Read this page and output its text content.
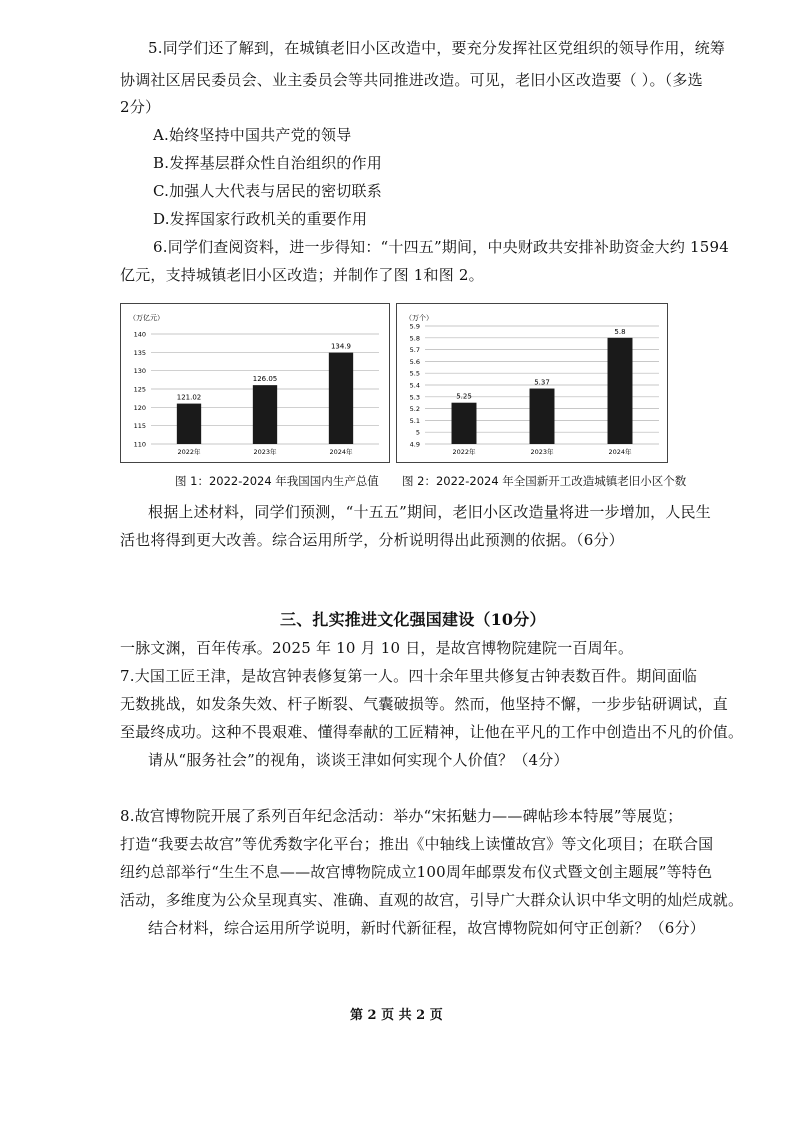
5.同学们还了解到，在城镇老旧小区改造中，要充分发挥社区党组织的领导作用，统筹
协调社区居民委员会、业主委员会等共同推进改造。可见，老旧小区改造要（ ）。（多选
2分）
A.始终坚持中国共产党的领导
B.发挥基层群众性自治组织的作用
C.加强人大代表与居民的密切联系
D.发挥国家行政机关的重要作用
6.同学们查阅资料，进一步得知：“十四五”期间，中央财政共安排补助资金大约 1594
亿元，支持城镇老旧小区改造；并制作了图 1和图 2。
（万亿元）
110
115
120
125
130
135
140
121.02
2022年
126.05
2023年
134.9
2024年
（万个）
4.9
5
5.1
5.2
5.3
5.4
5.5
5.6
5.7
5.8
5.9
5.25
2022年
5.37
2023年
5.8
2024年
图 1：2022-2024 年我国国内生产总值 图 2：2022-2024 年全国新开工改造城镇老旧小区个数
根据上述材料，同学们预测，“十五五”期间，老旧小区改造量将进一步增加，人民生
活也将得到更大改善。综合运用所学，分析说明得出此预测的依据。（6分）
三、扎实推进文化强国建设（10分）
一脉文渊，百年传承。2025 年 10 月 10 日，是故宫博物院建院一百周年。
7.大国工匠王津，是故宫钟表修复第一人。四十余年里共修复古钟表数百件。期间面临
无数挑战，如发条失效、杆子断裂、气囊破损等。然而，他坚持不懈，一步步钻研调试，直
至最终成功。这种不畏艰难、懂得奉献的工匠精神，让他在平凡的工作中创造出不凡的价值。
请从“服务社会”的视角，谈谈王津如何实现个人价值？（4分）
8.故宫博物院开展了系列百年纪念活动：举办“宋拓魅力——碑帖珍本特展”等展览；
打造“我要去故宫”等优秀数字化平台；推出《中轴线上读懂故宫》等文化项目；在联合国
纽约总部举行“生生不息——故宫博物院成立100周年邮票发布仪式暨文创主题展”等特色
活动，多维度为公众呈现真实、准确、直观的故宫，引导广大群众认识中华文明的灿烂成就。
结合材料，综合运用所学说明，新时代新征程，故宫博物院如何守正创新？（6分）
第 2 页 共 2 页
